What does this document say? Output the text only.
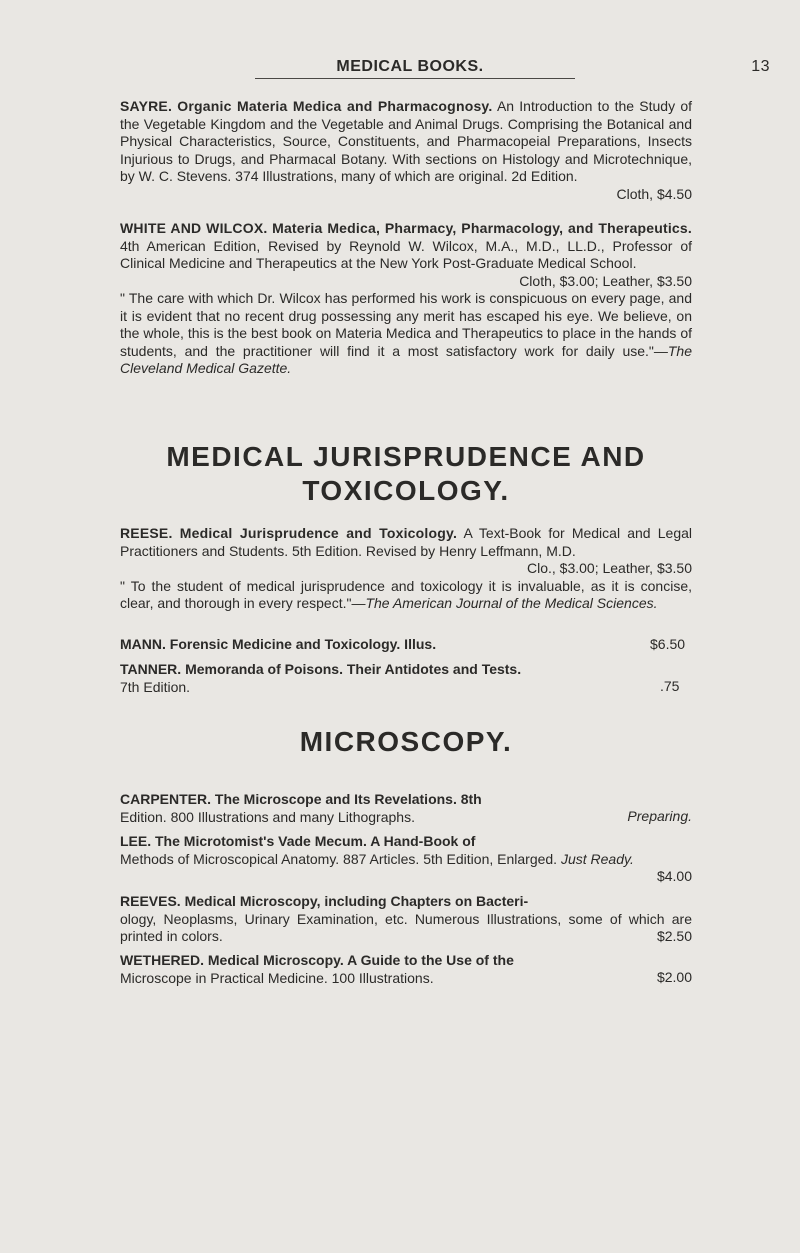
MEDICAL BOOKS.	13
SAYRE. Organic Materia Medica and Pharmacognosy. An Introduction to the Study of the Vegetable Kingdom and the Vegetable and Animal Drugs. Comprising the Botanical and Physical Characteristics, Source, Constituents, and Pharmacopeial Preparations, Insects Injurious to Drugs, and Pharmacal Botany. With sections on Histology and Microtechnique, by W. C. Stevens. 374 Illustrations, many of which are original. 2d Edition.
Cloth, $4.50
WHITE AND WILCOX. Materia Medica, Pharmacy, Pharmacology, and Therapeutics. 4th American Edition, Revised by Reynold W. Wilcox, M.A., M.D., LL.D., Professor of Clinical Medicine and Therapeutics at the New York Post-Graduate Medical School.
Cloth, $3.00; Leather, $3.50
" The care with which Dr. Wilcox has performed his work is conspicuous on every page, and it is evident that no recent drug possessing any merit has escaped his eye. We believe, on the whole, this is the best book on Materia Medica and Therapeutics to place in the hands of students, and the practitioner will find it a most satisfactory work for daily use."—The Cleveland Medical Gazette.
MEDICAL JURISPRUDENCE AND
TOXICOLOGY.
REESE. Medical Jurisprudence and Toxicology. A Text-Book for Medical and Legal Practitioners and Students. 5th Edition. Revised by Henry Leffmann, M.D.
Clo., $3.00; Leather, $3.50
" To the student of medical jurisprudence and toxicology it is invaluable, as it is concise, clear, and thorough in every respect."—The American Journal of the Medical Sciences.
MANN. Forensic Medicine and Toxicology. Illus.	$6.50
TANNER. Memoranda of Poisons. Their Antidotes and Tests.
7th Edition.	.75
MICROSCOPY.
CARPENTER. The Microscope and Its Revelations. 8th
Edition. 800 Illustrations and many Lithographs.	Preparing.
LEE. The Microtomist's Vade Mecum. A Hand-Book of
Methods of Microscopical Anatomy. 887 Articles. 5th Edition, Enlarged. Just Ready.
$4.00
REEVES. Medical Microscopy, including Chapters on Bacteri-
ology, Neoplasms, Urinary Examination, etc. Numerous Illustrations, some of which are printed in colors.	$2.50
WETHERED. Medical Microscopy. A Guide to the Use of the
Microscope in Practical Medicine. 100 Illustrations.	$2.00
